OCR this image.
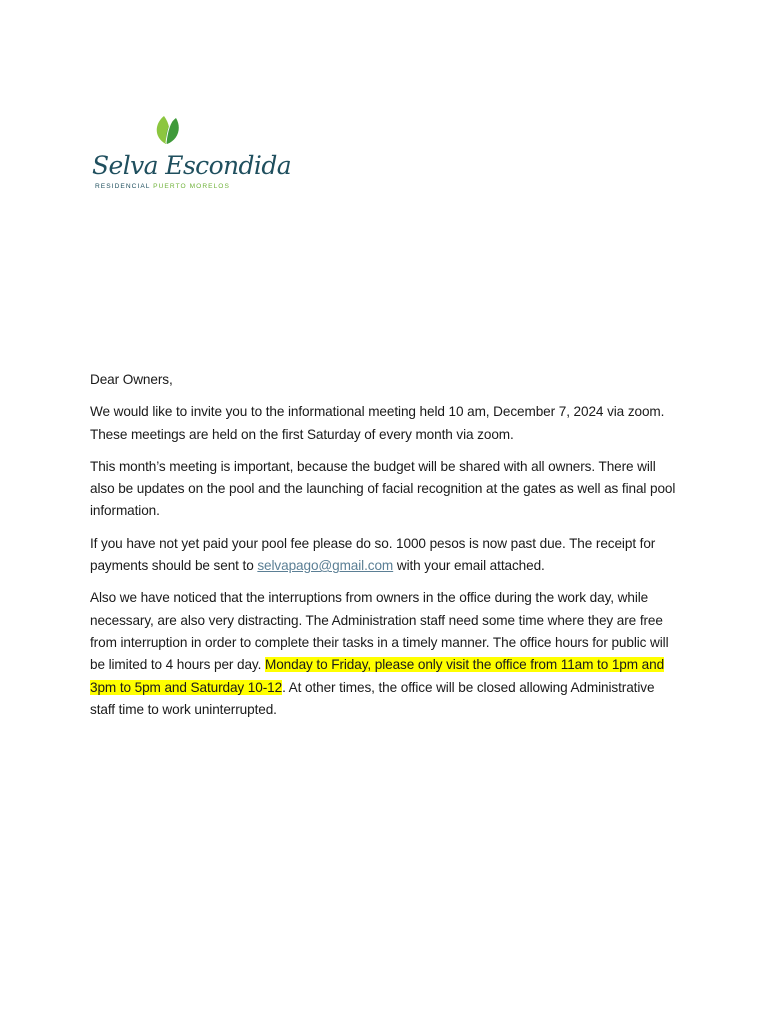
Selva Escondida
RESIDENCIAL PUERTO MORELOS

Dear Owners,

We would like to invite you to the informational meeting held 10 am, December 7, 2024 via zoom. These meetings are held on the first Saturday of every month via zoom.

This month’s meeting is important, because the budget will be shared with all owners. There will also be updates on the pool and the launching of facial recognition at the gates as well as final pool information.

If you have not yet paid your pool fee please do so. 1000 pesos is now past due. The receipt for payments should be sent to selvapago@gmail.com with your email attached.

Also we have noticed that the interruptions from owners in the office during the work day, while necessary, are also very distracting. The Administration staff need some time where they are free from interruption in order to complete their tasks in a timely manner. The office hours for public will be limited to 4 hours per day. Monday to Friday, please only visit the office from 11am to 1pm and 3pm to 5pm and Saturday 10-12. At other times, the office will be closed allowing Administrative staff time to work uninterrupted.
